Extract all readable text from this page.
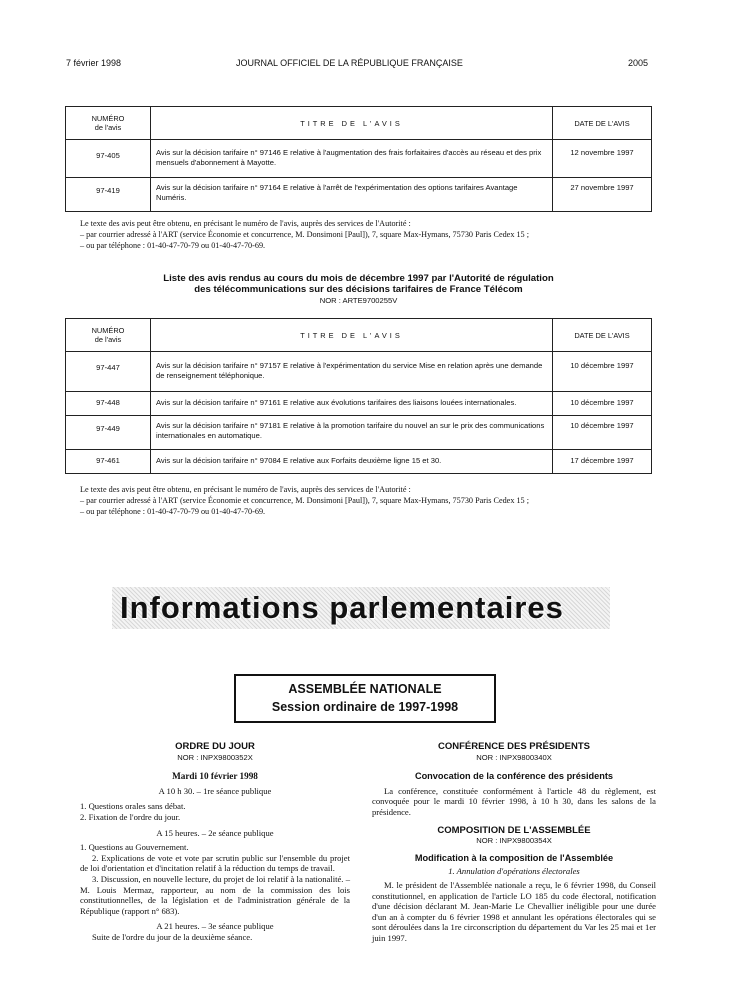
7 février 1998	JOURNAL OFFICIEL DE LA RÉPUBLIQUE FRANÇAISE	2005
NUMÉRO
de l'avis	TITRE DE L'AVIS	DATE DE L'AVIS
97-405	Avis sur la décision tarifaire n° 97146 E relative à l'augmentation des frais forfaitaires d'accès au réseau et des prix mensuels d'abonnement à Mayotte.	12 novembre 1997
97-419	Avis sur la décision tarifaire n° 97164 E relative à l'arrêt de l'expérimentation des options tarifaires Avantage Numéris.	27 novembre 1997

Le texte des avis peut être obtenu, en précisant le numéro de l'avis, auprès des services de l'Autorité :

– par courrier adressé à l'ART (service Économie et concurrence, M. Donsimoni [Paul]), 7, square Max-Hymans, 75730 Paris Cedex 15 ;

– ou par téléphone : 01-40-47-70-79 ou 01-40-47-70-69.

Liste des avis rendus au cours du mois de décembre 1997 par l'Autorité de régulation
des télécommunications sur des décisions tarifaires de France Télécom
NOR : ARTE9700255V
NUMÉRO
de l'avis	TITRE DE L'AVIS	DATE DE L'AVIS
97-447	Avis sur la décision tarifaire n° 97157 E relative à l'expérimentation du service Mise en relation après une demande de renseignement téléphonique.	10 décembre 1997
97-448	Avis sur la décision tarifaire n° 97161 E relative aux évolutions tarifaires des liaisons louées internationales.	10 décembre 1997
97-449	Avis sur la décision tarifaire n° 97181 E relative à la promotion tarifaire du nouvel an sur le prix des communications internationales en automatique.	10 décembre 1997
97-461	Avis sur la décision tarifaire n° 97084 E relative aux Forfaits deuxième ligne 15 et 30.	17 décembre 1997

Le texte des avis peut être obtenu, en précisant le numéro de l'avis, auprès des services de l'Autorité :

– par courrier adressé à l'ART (service Économie et concurrence, M. Donsimoni [Paul]), 7, square Max-Hymans, 75730 Paris Cedex 15 ;

– ou par téléphone : 01-40-47-70-79 ou 01-40-47-70-69.

Informations parlementaires
ASSEMBLÉE NATIONALE
Session ordinaire de 1997-1998
ORDRE DU JOUR
NOR : INPX9800352X
Mardi 10 février 1998
A 10 h 30. – 1re séance publique

1. Questions orales sans débat.

2. Fixation de l'ordre du jour.

A 15 heures. – 2e séance publique

1. Questions au Gouvernement.

2. Explications de vote et vote par scrutin public sur l'ensemble du projet de loi d'orientation et d'incitation relatif à la réduction du temps de travail.

3. Discussion, en nouvelle lecture, du projet de loi relatif à la nationalité. – M. Louis Mermaz, rapporteur, au nom de la commission des lois constitutionnelles, de la législation et de l'administration générale de la République (rapport n° 683).

A 21 heures. – 3e séance publique

Suite de l'ordre du jour de la deuxième séance.

CONFÉRENCE DES PRÉSIDENTS
NOR : INPX9800340X
Convocation de la conférence des présidents

La conférence, constituée conformément à l'article 48 du règlement, est convoquée pour le mardi 10 février 1998, à 10 h 30, dans les salons de la présidence.

COMPOSITION DE L'ASSEMBLÉE
NOR : INPX9800354X
Modification à la composition de l'Assemblée
1. Annulation d'opérations électorales

M. le président de l'Assemblée nationale a reçu, le 6 février 1998, du Conseil constitutionnel, en application de l'article LO 185 du code électoral, notification d'une décision déclarant M. Jean-Marie Le Chevallier inéligible pour une durée d'un an à compter du 6 février 1998 et annulant les opérations électorales qui se sont déroulées dans la 1re circonscription du département du Var les 25 mai et 1er juin 1997.
